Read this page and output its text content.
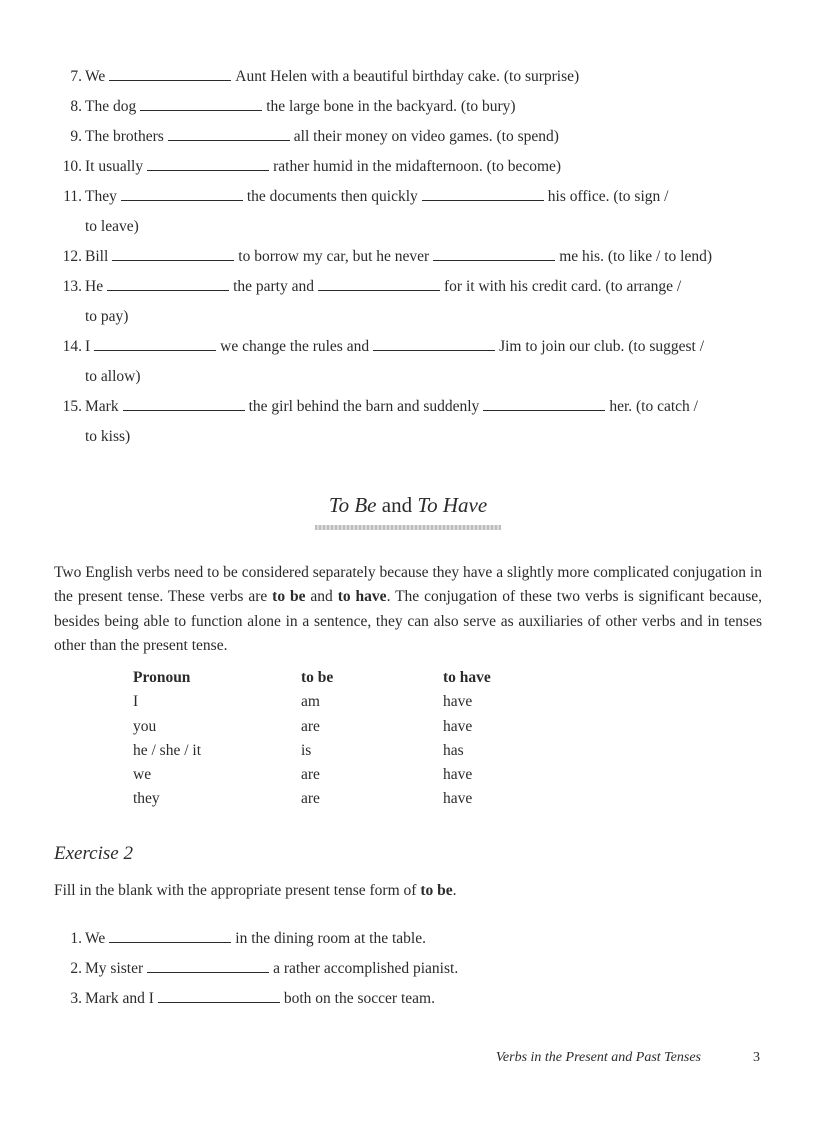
7. We	Aunt Helen with a beautiful birthday cake. (to surprise)
8. The dog	the large bone in the backyard. (to bury)
9. The brothers	all their money on video games. (to spend)
10. It usually	rather humid in the midafternoon. (to become)
11. They	the documents then quickly	his office. (to sign /
to leave)
12. Bill	to borrow my car, but he never	me his. (to like / to lend)
13. He	the party and	for it with his credit card. (to arrange /
to pay)
14. I	we change the rules and	Jim to join our club. (to suggest /
to allow)
15. Mark	the girl behind the barn and suddenly	her. (to catch /
to kiss)
To Be and To Have

Two English verbs need to be considered separately because they have a slightly more complicated conjugation in the present tense. These verbs are to be and to have. The conjugation of these two verbs is significant because, besides being able to function alone in a sentence, they can also serve as auxiliaries of other verbs and in tenses other than the present tense.

Pronoun	to be	to have
I	am	have
you	are	have
he / she / it	is	has
we	are	have
they	are	have
Exercise 2
Fill in the blank with the appropriate present tense form of to be.
1. We	in the dining room at the table.
2. My sister	a rather accomplished pianist.
3. Mark and I	both on the soccer team.
Verbs in the Present and Past Tenses	3
